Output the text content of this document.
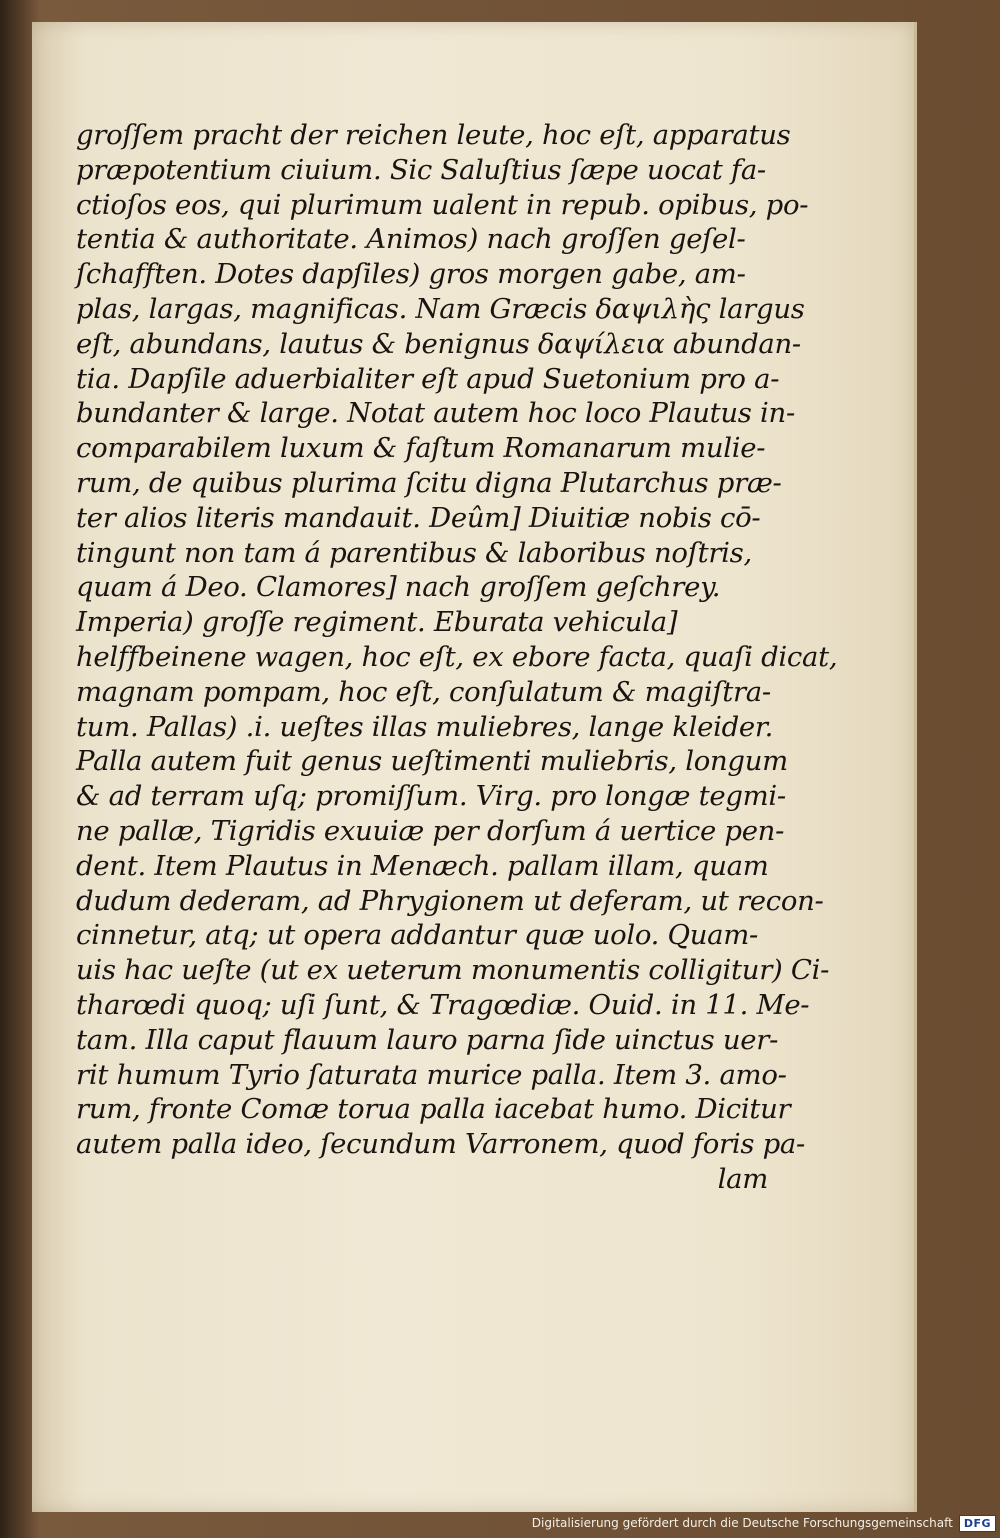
groſſem pracht der reichen leute, hoc eſt, apparatus
præpotentium ciuium. Sic Saluſtius ſæpe uocat fa-
ctioſos eos, qui plurimum ualent in repub. opibus, po-
tentia & authoritate. Animos) nach groſſen geſel-
ſchafften. Dotes dapſiles) gros morgen gabe, am-
plas, largas, magnificas. Nam Græcis δαψιλὴς largus
eſt, abundans, lautus & benignus δαψίλεια abundan-
tia. Dapſile aduerbialiter eſt apud Suetonium pro a-
bundanter & large. Notat autem hoc loco Plautus in-
comparabilem luxum & faſtum Romanarum mulie-
rum, de quibus plurima ſcitu digna Plutarchus præ-
ter alios literis mandauit. Deûm] Diuitiæ nobis cō-
tingunt non tam á parentibus & laboribus noſtris,
quam á Deo. Clamores] nach groſſem geſchrey.
Imperia) groſſe regiment. Eburata vehicula]
helffbeinene wagen, hoc eſt, ex ebore facta, quaſi dicat,
magnam pompam, hoc eſt, conſulatum & magiſtra-
tum. Pallas) .i. ueſtes illas muliebres, lange kleider.
Palla autem fuit genus ueſtimenti muliebris, longum
& ad terram uſq; promiſſum. Virg. pro longæ tegmi-
ne pallæ, Tigridis exuuiæ per dorſum á uertice pen-
dent. Item Plautus in Menæch. pallam illam, quam
dudum dederam, ad Phrygionem ut deferam, ut recon-
cinnetur, atq; ut opera addantur quæ uolo. Quam-
uis hac ueſte (ut ex ueterum monumentis colligitur) Ci-
tharœdi quoq; uſi ſunt, & Tragœdiæ. Ouid. in 11. Me-
tam. Illa caput flauum lauro parna ſide uinctus uer-
rit humum Tyrio ſaturata murice palla. Item 3. amo-
rum, fronte Comæ torua palla iacebat humo. Dicitur
autem palla ideo, ſecundum Varronem, quod foris pa-
lam
Digitalisierung gefördert durch die Deutsche Forschungsgemeinschaft	DFG
